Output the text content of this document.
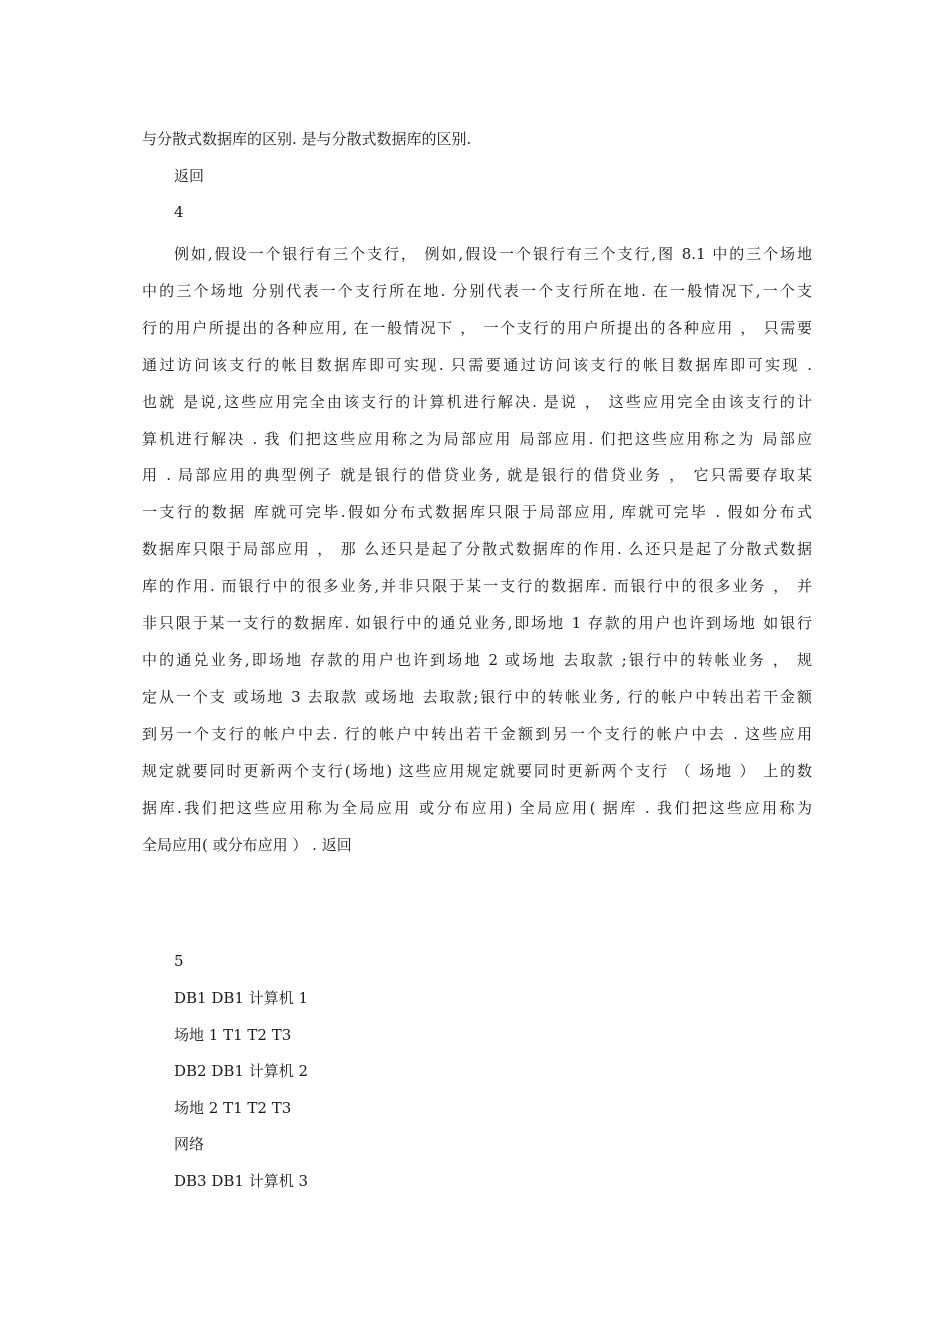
与分散式数据库的区别. 是与分散式数据库的区别.
返回
4
例如,假设一个银行有三个支行， 例如,假设一个银行有三个支行,图 8.1 中的三个场地
中的三个场地 分别代表一个支行所在地. 分别代表一个支行所在地. 在一般情况下,一个支
行的用户所提出的各种应用, 在一般情况下 ， 一个支行的用户所提出的各种应用 ， 只需要
通过访问该支行的帐目数据库即可实现. 只需要通过访问该支行的帐目数据库即可实现 .
也就 是说,这些应用完全由该支行的计算机进行解决. 是说 ， 这些应用完全由该支行的计
算机进行解决 . 我 们把这些应用称之为局部应用 局部应用. 们把这些应用称之为 局部应
用 . 局部应用的典型例子 就是银行的借贷业务, 就是银行的借贷业务 ， 它只需要存取某
一支行的数据 库就可完毕.假如分布式数据库只限于局部应用, 库就可完毕 . 假如分布式
数据库只限于局部应用 ， 那 么还只是起了分散式数据库的作用. 么还只是起了分散式数据
库的作用. 而银行中的很多业务,并非只限于某一支行的数据库. 而银行中的很多业务 ， 并
非只限于某一支行的数据库. 如银行中的通兑业务,即场地 1 存款的用户也许到场地 如银行
中的通兑业务,即场地 存款的用户也许到场地 2 或场地 去取款 ;银行中的转帐业务 ， 规
定从一个支 或场地 3 去取款 或场地 去取款;银行中的转帐业务, 行的帐户中转出若干金额
到另一个支行的帐户中去. 行的帐户中转出若干金额到另一个支行的帐户中去 . 这些应用
规定就要同时更新两个支行(场地) 这些应用规定就要同时更新两个支行 （ 场地 ） 上的数
据库.我们把这些应用称为全局应用 或分布应用) 全局应用( 据库 . 我们把这些应用称为
全局应用( 或分布应用 ） . 返回
5
DB1 DB1 计算机 1
场地 1 T1 T2 T3
DB2 DB1 计算机 2
场地 2 T1 T2 T3
网络
DB3 DB1 计算机 3
